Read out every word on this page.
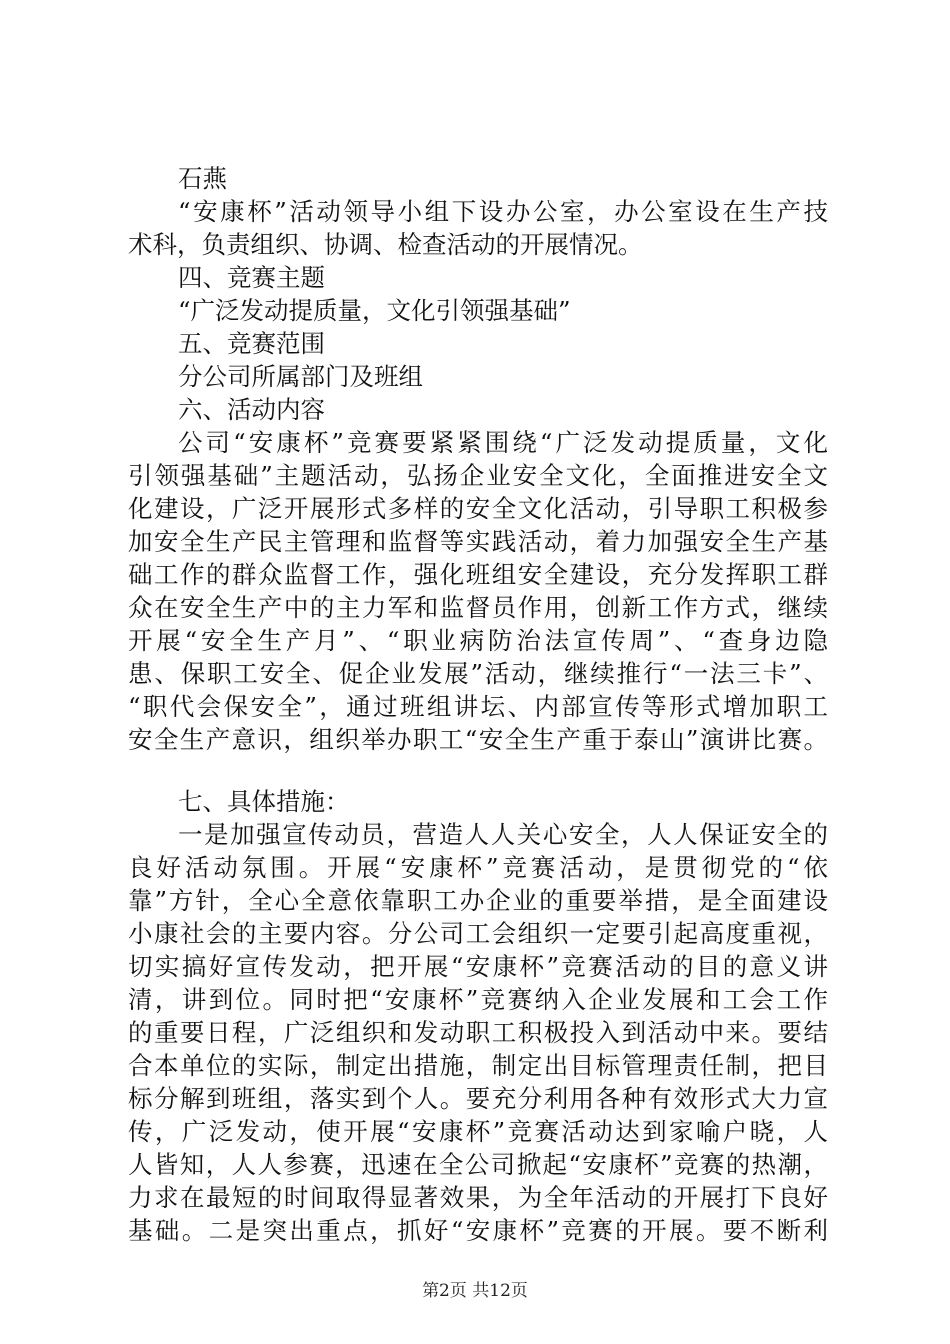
石燕
“安康杯”活动领导小组下设办公室，办公室设在生产技
术科，负责组织、协调、检查活动的开展情况。
四、竞赛主题
“广泛发动提质量，文化引领强基础”
五、竞赛范围
分公司所属部门及班组
六、活动内容
公司“安康杯”竞赛要紧紧围绕“广泛发动提质量，文化
引领强基础”主题活动，弘扬企业安全文化，全面推进安全文
化建设，广泛开展形式多样的安全文化活动，引导职工积极参
加安全生产民主管理和监督等实践活动，着力加强安全生产基
础工作的群众监督工作，强化班组安全建设，充分发挥职工群
众在安全生产中的主力军和监督员作用，创新工作方式，继续
开展“安全生产月”、“职业病防治法宣传周”、“查身边隐
患、保职工安全、促企业发展”活动，继续推行“一法三卡”、
“职代会保安全”，通过班组讲坛、内部宣传等形式增加职工
安全生产意识，组织举办职工“安全生产重于泰山”演讲比赛。
七、具体措施：
一是加强宣传动员，营造人人关心安全，人人保证安全的
良好活动氛围。开展“安康杯”竞赛活动，是贯彻党的“依
靠”方针，全心全意依靠职工办企业的重要举措，是全面建设
小康社会的主要内容。分公司工会组织一定要引起高度重视，
切实搞好宣传发动，把开展“安康杯”竞赛活动的目的意义讲
清，讲到位。同时把“安康杯”竞赛纳入企业发展和工会工作
的重要日程，广泛组织和发动职工积极投入到活动中来。要结
合本单位的实际，制定出措施，制定出目标管理责任制，把目
标分解到班组，落实到个人。要充分利用各种有效形式大力宣
传，广泛发动，使开展“安康杯”竞赛活动达到家喻户晓，人
人皆知，人人参赛，迅速在全公司掀起“安康杯”竞赛的热潮，
力求在最短的时间取得显著效果，为全年活动的开展打下良好
基础。二是突出重点，抓好“安康杯”竞赛的开展。要不断利
第2页 共12页
